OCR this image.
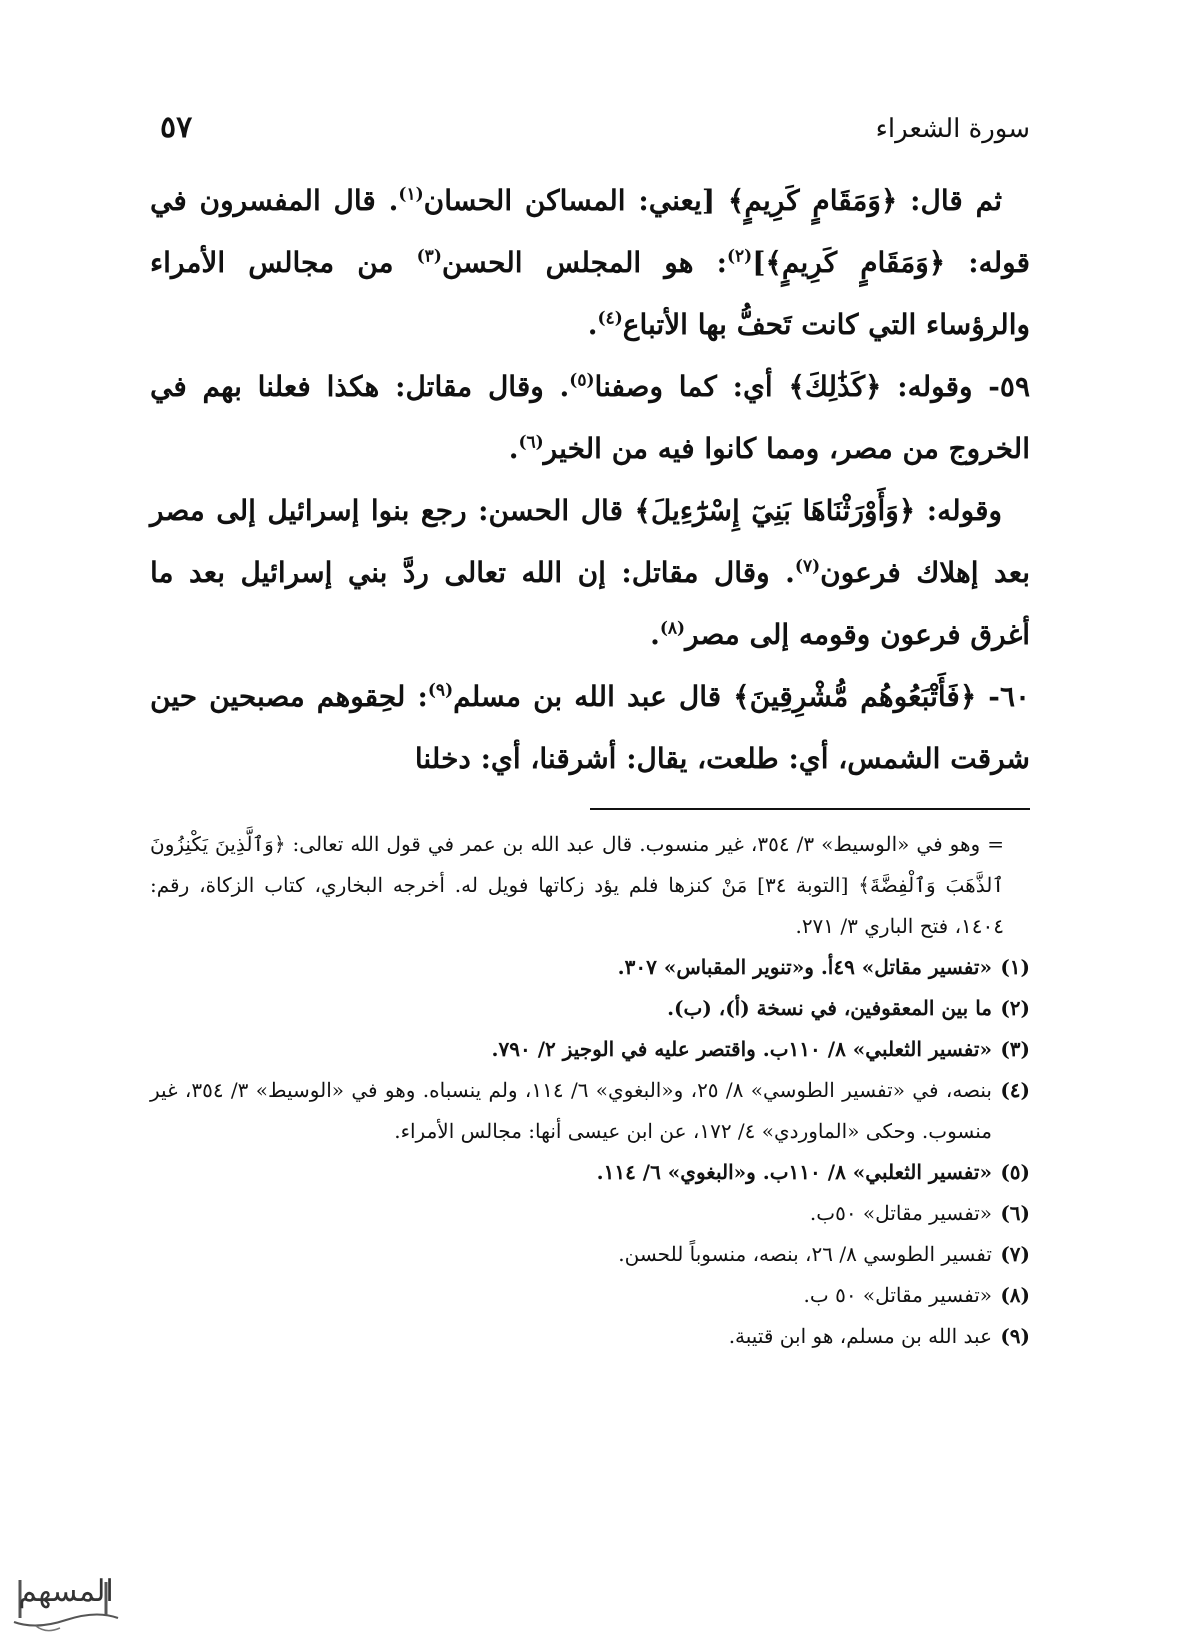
سورة الشعراء
٥٧

ثم قال: ﴿وَمَقَامٍ كَرِيمٍ﴾ [يعني: المساكن الحسان$^{(١)}$. قال المفسرون في قوله: ﴿وَمَقَامٍ كَرِيمٍ﴾]$^{(٢)}$: هو المجلس الحسن$^{(٣)}$ من مجالس الأمراء والرؤساء التي كانت تَحفُّ بها الأتباع$^{(٤)}$.

٥٩- وقوله: ﴿كَذَٰلِكَ﴾ أي: كما وصفنا$^{(٥)}$. وقال مقاتل: هكذا فعلنا بهم في الخروج من مصر، ومما كانوا فيه من الخير$^{(٦)}$.

وقوله: ﴿وَأَوْرَثْنَاهَا بَنِيٓ إِسْرَٰٓءِيلَ﴾ قال الحسن: رجع بنوا إسرائيل إلى مصر بعد إهلاك فرعون$^{(٧)}$. وقال مقاتل: إن الله تعالى ردَّ بني إسرائيل بعد ما أغرق فرعون وقومه إلى مصر$^{(٨)}$.

٦٠- ﴿فَأَتْبَعُوهُم مُّشْرِقِينَ﴾ قال عبد الله بن مسلم$^{(٩)}$: لحِقوهم مصبحين حين شرقت الشمس، أي: طلعت، يقال: أشرقنا، أي: دخلنا

= وهو في «الوسيط» ٣/ ٣٥٤، غير منسوب. قال عبد الله بن عمر في قول الله تعالى: ﴿وَٱلَّذِينَ يَكْنِزُونَ ٱلذَّهَبَ وَٱلْفِضَّةَ﴾ [التوبة ٣٤] مَنْ كنزها فلم يؤد زكاتها فويل له. أخرجه البخاري، كتاب الزكاة، رقم: ١٤٠٤، فتح الباري ٣/ ٢٧١.
(١)
«تفسير مقاتل» ٤٩أ. و«تنوير المقباس» ٣٠٧.
(٢)
ما بين المعقوفين، في نسخة (أ)، (ب).
(٣)
«تفسير الثعلبي» ٨/ ١١٠ب. واقتصر عليه في الوجيز ٢/ ٧٩٠.
(٤)
بنصه، في «تفسير الطوسي» ٨/ ٢٥، و«البغوي» ٦/ ١١٤، ولم ينسباه. وهو في «الوسيط» ٣/ ٣٥٤، غير منسوب. وحكى «الماوردي» ٤/ ١٧٢، عن ابن عيسى أنها: مجالس الأمراء.
(٥)
«تفسير الثعلبي» ٨/ ١١٠ب. و«البغوي» ٦/ ١١٤.
(٦)
«تفسير مقاتل» ٥٠ب.
(٧)
تفسير الطوسي ٨/ ٢٦، بنصه، منسوباً للحسن.
(٨)
«تفسير مقاتل» ٥٠ ب.
(٩)
عبد الله بن مسلم، هو ابن قتيبة.
المسهم
